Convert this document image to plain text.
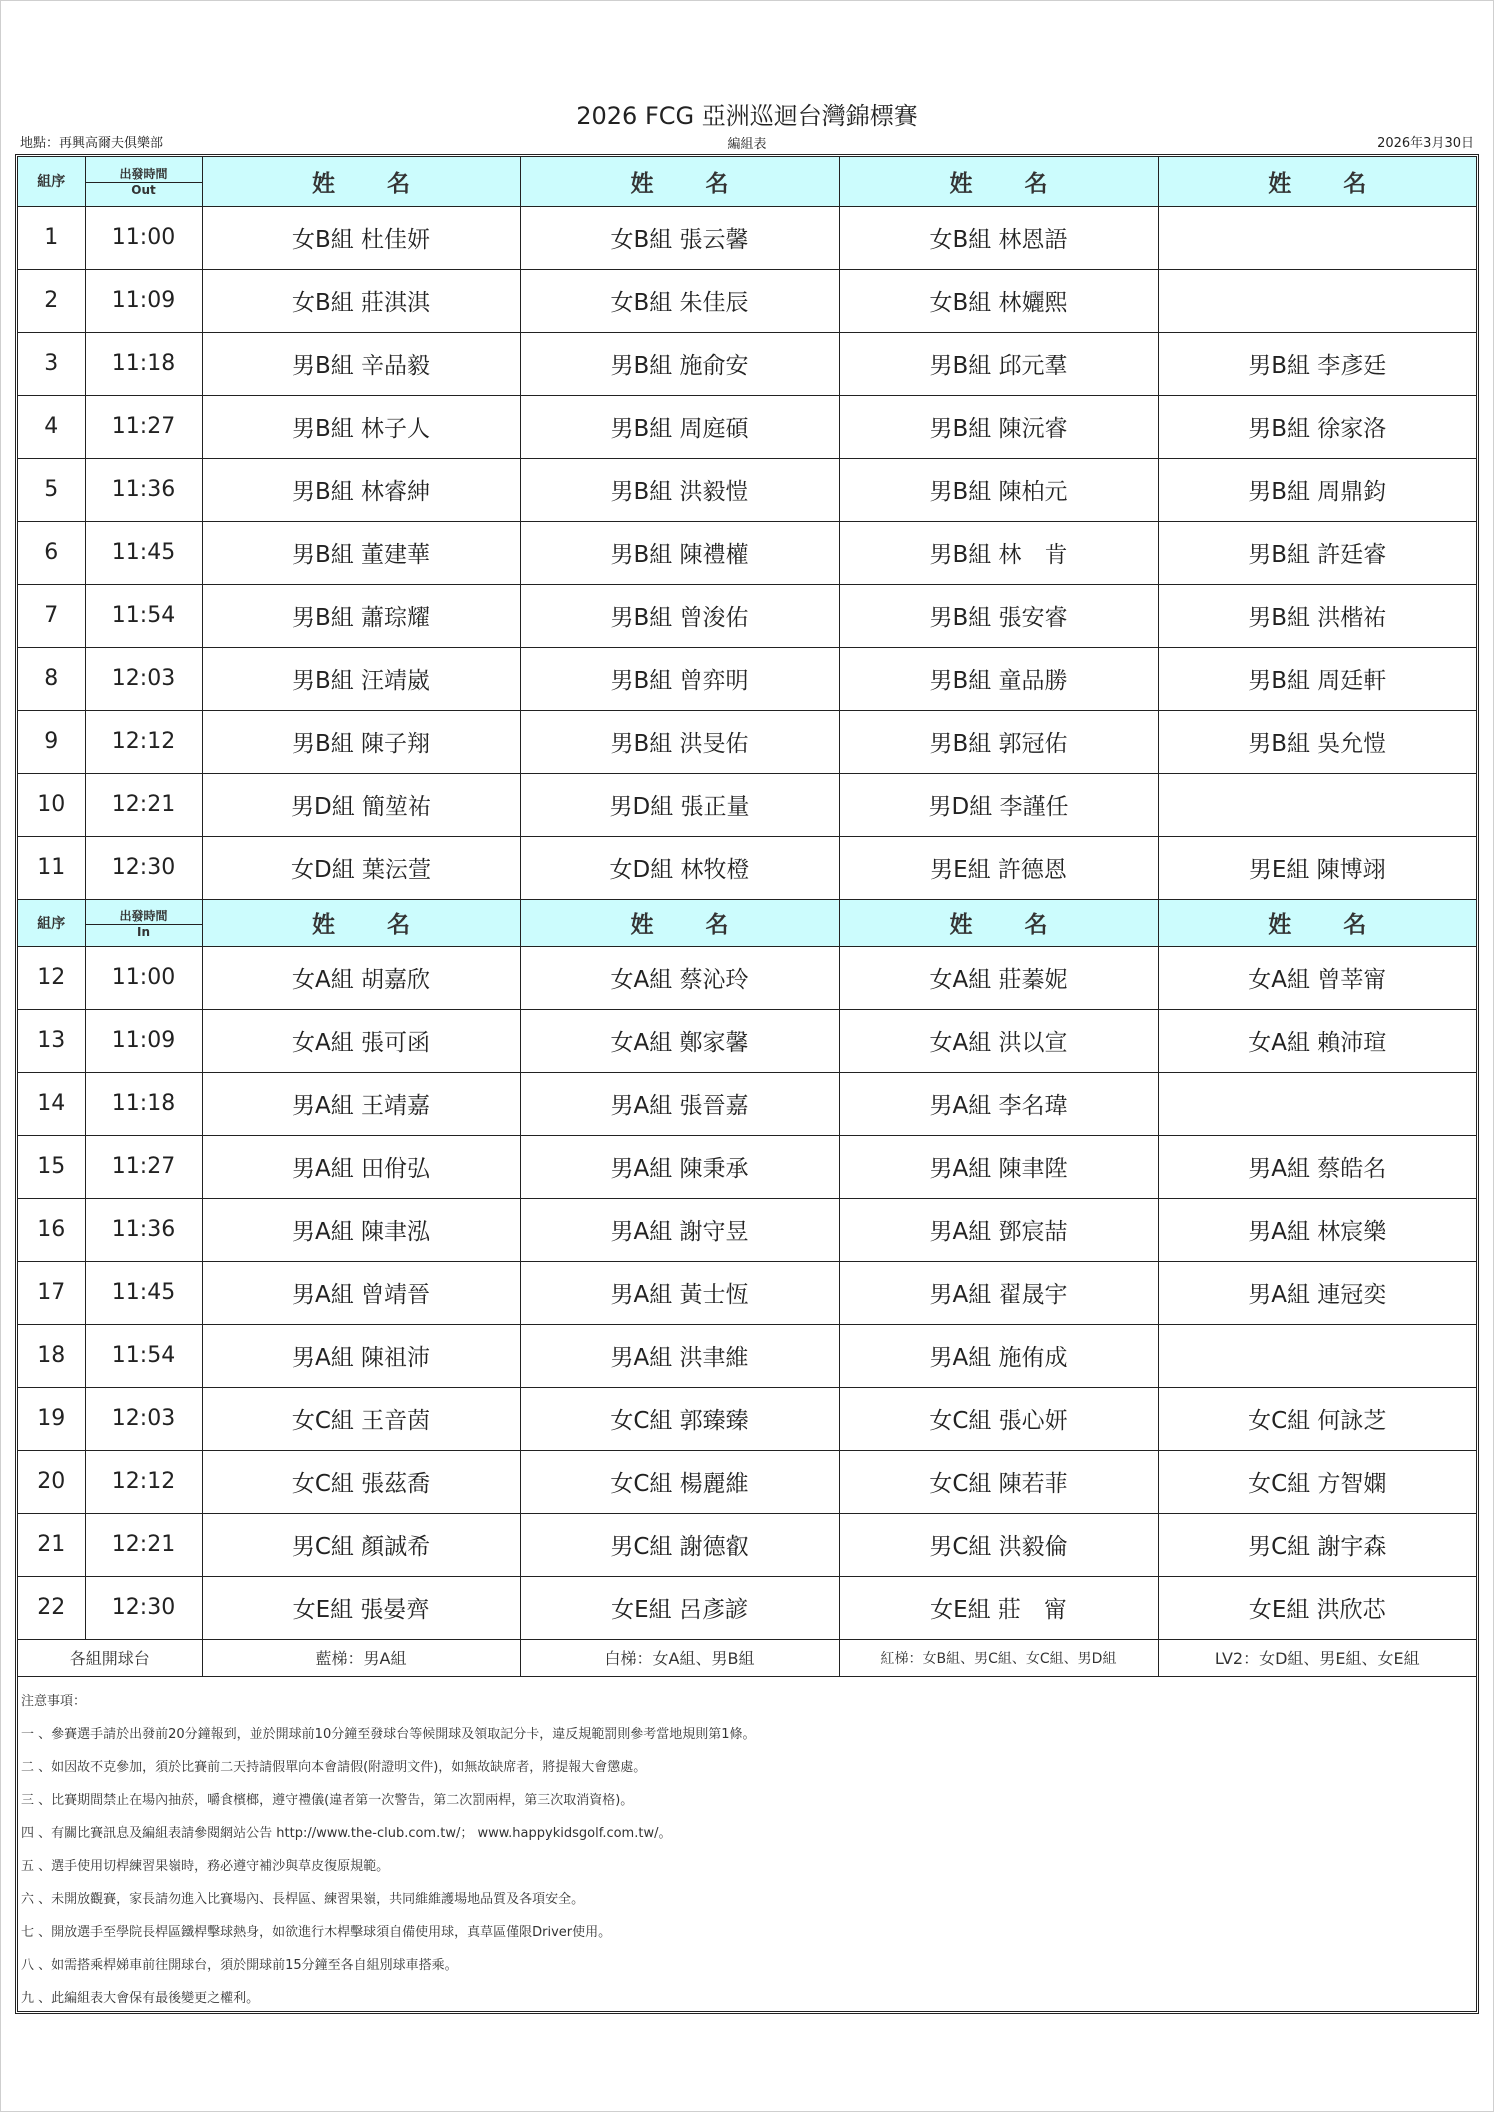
2026 FCG 亞洲巡迴台灣錦標賽
地點：再興高爾夫俱樂部	編組表	2026年3月30日
組序	出發時間
Out	姓 名	姓 名	姓 名	姓 名
1	11:00	女B組 杜佳妍	女B組 張云馨	女B組 林恩語	
2	11:09	女B組 莊淇淇	女B組 朱佳辰	女B組 林孋熙	
3	11:18	男B組 辛品毅	男B組 施俞安	男B組 邱元羣	男B組 李彥廷
4	11:27	男B組 林子人	男B組 周庭碩	男B組 陳沅睿	男B組 徐家洛
5	11:36	男B組 林睿紳	男B組 洪毅愷	男B組 陳柏元	男B組 周鼎鈞
6	11:45	男B組 董建華	男B組 陳禮權	男B組 林　肯	男B組 許廷睿
7	11:54	男B組 蕭琮耀	男B組 曾浚佑	男B組 張安睿	男B組 洪楷祐
8	12:03	男B組 汪靖崴	男B組 曾弈明	男B組 童品勝	男B組 周廷軒
9	12:12	男B組 陳子翔	男B組 洪旻佑	男B組 郭冠佑	男B組 吳允愷
10	12:21	男D組 簡堃祐	男D組 張正量	男D組 李謹任	
11	12:30	女D組 葉沄萱	女D組 林牧橙	男E組 許德恩	男E組 陳博翊
組序	出發時間
In	姓 名	姓 名	姓 名	姓 名
12	11:00	女A組 胡嘉欣	女A組 蔡沁玲	女A組 莊蓁妮	女A組 曾莘甯
13	11:09	女A組 張可函	女A組 鄭家馨	女A組 洪以宣	女A組 賴沛瑄
14	11:18	男A組 王靖嘉	男A組 張晉嘉	男A組 李名瑋	
15	11:27	男A組 田佾弘	男A組 陳秉承	男A組 陳聿陞	男A組 蔡皓名
16	11:36	男A組 陳聿泓	男A組 謝守昱	男A組 鄧宸喆	男A組 林宸樂
17	11:45	男A組 曾靖晉	男A組 黃士恆	男A組 翟晟宇	男A組 連冠奕
18	11:54	男A組 陳祖沛	男A組 洪聿維	男A組 施侑成	
19	12:03	女C組 王音茵	女C組 郭臻臻	女C組 張心妍	女C組 何詠芝
20	12:12	女C組 張茲喬	女C組 楊麗維	女C組 陳若菲	女C組 方智嫻
21	12:21	男C組 顏誠希	男C組 謝德叡	男C組 洪毅倫	男C組 謝宇森
22	12:30	女E組 張晏齊	女E組 呂彥諺	女E組 莊　甯	女E組 洪欣芯
各組開球台		藍梯：男A組	白梯：女A組、男B組	紅梯：女B組、男C組、女C組、男D組	LV2：女D組、男E組、女E組
注意事項：
一 、參賽選手請於出發前20分鐘報到，並於開球前10分鐘至發球台等候開球及領取記分卡，違反規範罰則參考當地規則第1條。
二 、如因故不克參加，須於比賽前二天持請假單向本會請假(附證明文件)，如無故缺席者，將提報大會懲處。
三 、比賽期間禁止在場內抽菸，嚼食檳榔，遵守禮儀(違者第一次警告，第二次罰兩桿，第三次取消資格)。
四 、有關比賽訊息及編組表請參閱網站公告 http://www.the-club.com.tw/； www.happykidsgolf.com.tw/。
五 、選手使用切桿練習果嶺時，務必遵守補沙與草皮復原規範。
六 、未開放觀賽，家長請勿進入比賽場內、長桿區、練習果嶺，共同維維護場地品質及各項安全。
七 、開放選手至學院長桿區鐵桿擊球熱身，如欲進行木桿擊球須自備使用球，真草區僅限Driver使用。
八 、如需搭乘桿娣車前往開球台，須於開球前15分鐘至各自組別球車搭乘。
九 、此編組表大會保有最後變更之權利。
